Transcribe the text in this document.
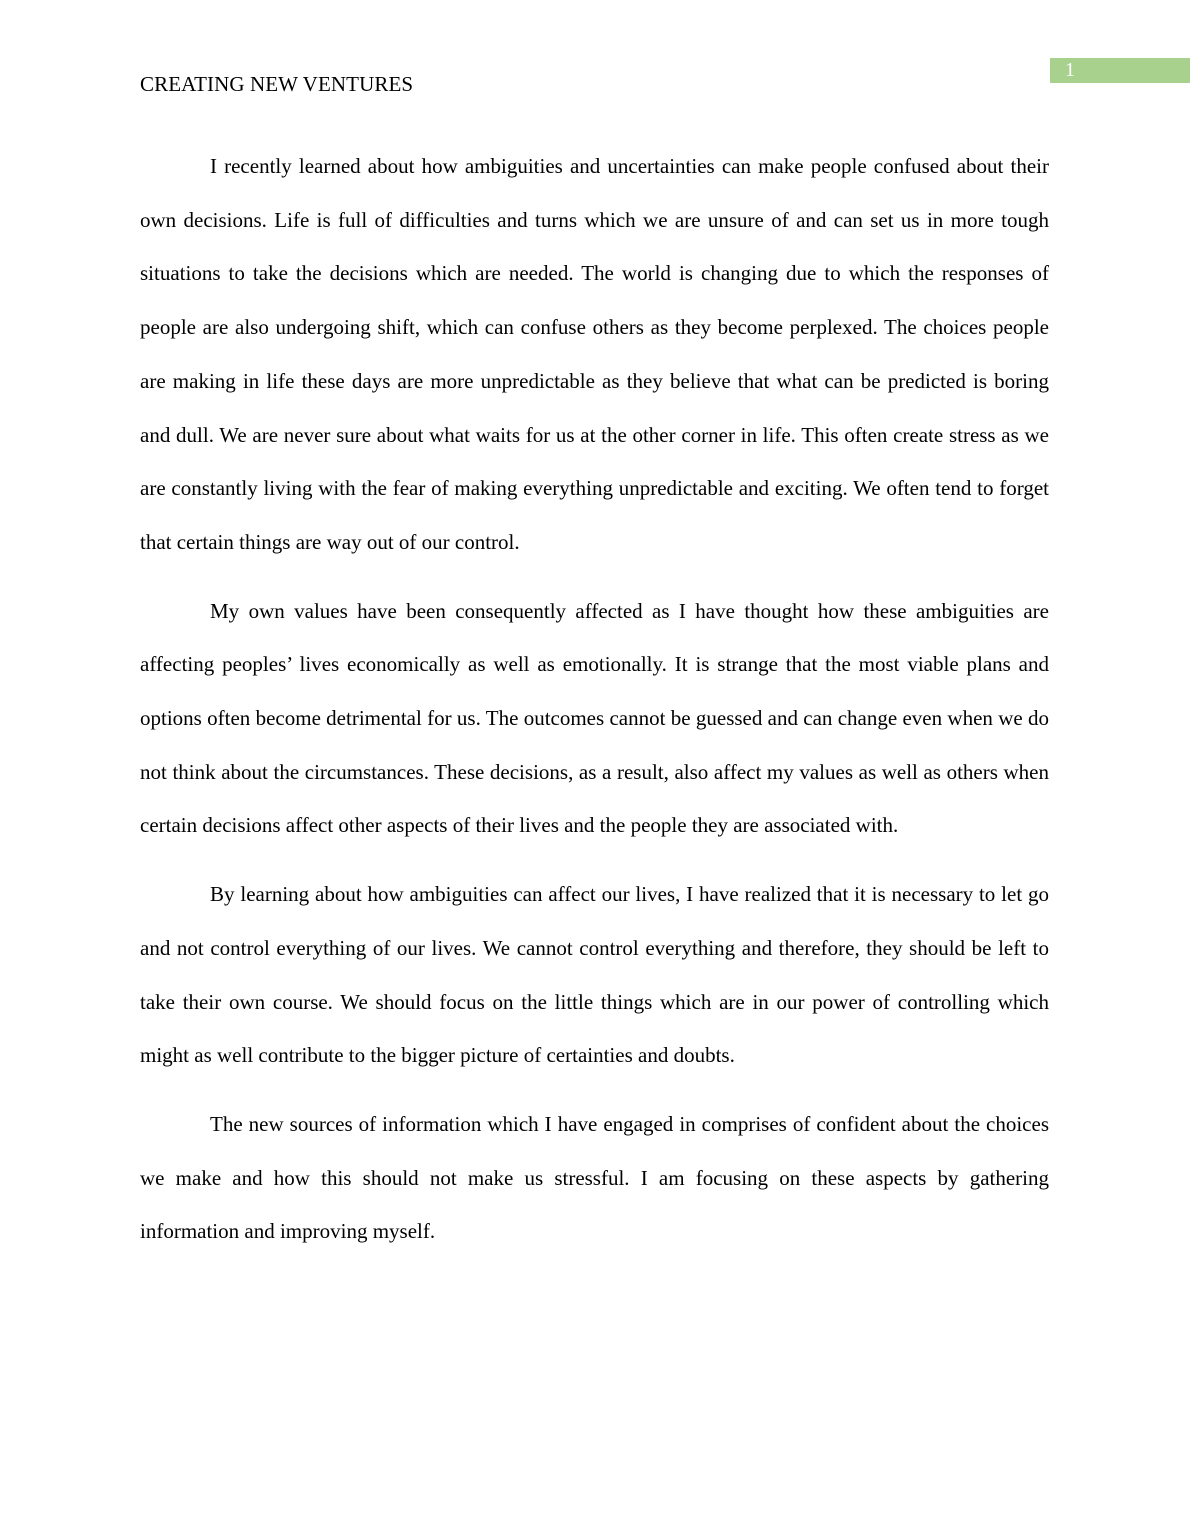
1
CREATING NEW VENTURES

I recently learned about how ambiguities and uncertainties can make people confused about their own decisions. Life is full of difficulties and turns which we are unsure of and can set us in more tough situations to take the decisions which are needed. The world is changing due to which the responses of people are also undergoing shift, which can confuse others as they become perplexed. The choices people are making in life these days are more unpredictable as they believe that what can be predicted is boring and dull. We are never sure about what waits for us at the other corner in life. This often create stress as we are constantly living with the fear of making everything unpredictable and exciting. We often tend to forget that certain things are way out of our control.

My own values have been consequently affected as I have thought how these ambiguities are affecting peoples’ lives economically as well as emotionally. It is strange that the most viable plans and options often become detrimental for us. The outcomes cannot be guessed and can change even when we do not think about the circumstances. These decisions, as a result, also affect my values as well as others when certain decisions affect other aspects of their lives and the people they are associated with.

By learning about how ambiguities can affect our lives, I have realized that it is necessary to let go and not control everything of our lives. We cannot control everything and therefore, they should be left to take their own course. We should focus on the little things which are in our power of controlling which might as well contribute to the bigger picture of certainties and doubts.

The new sources of information which I have engaged in comprises of confident about the choices we make and how this should not make us stressful. I am focusing on these aspects by gathering information and improving myself.
